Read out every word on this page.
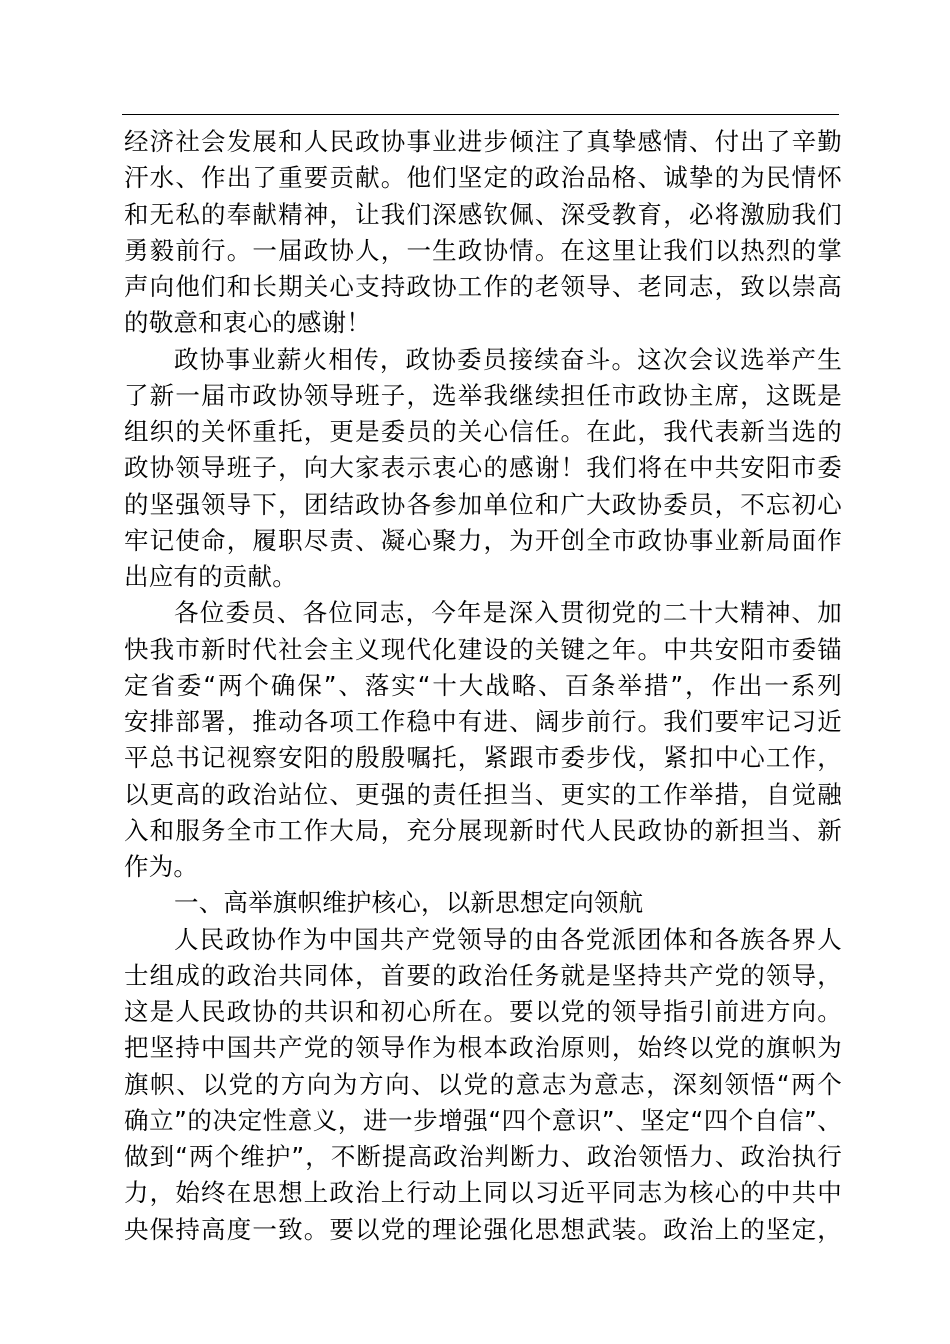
经济社会发展和人民政协事业进步倾注了真挚感情、付出了辛勤
汗水、作出了重要贡献。他们坚定的政治品格、诚挚的为民情怀
和无私的奉献精神，让我们深感钦佩、深受教育，必将激励我们
勇毅前行。一届政协人，一生政协情。在这里让我们以热烈的掌
声向他们和长期关心支持政协工作的老领导、老同志，致以崇高
的敬意和衷心的感谢！
政协事业薪火相传，政协委员接续奋斗。这次会议选举产生
了新一届市政协领导班子，选举我继续担任市政协主席，这既是
组织的关怀重托，更是委员的关心信任。在此，我代表新当选的
政协领导班子，向大家表示衷心的感谢！我们将在中共安阳市委
的坚强领导下，团结政协各参加单位和广大政协委员，不忘初心
牢记使命，履职尽责、凝心聚力，为开创全市政协事业新局面作
出应有的贡献。
各位委员、各位同志，今年是深入贯彻党的二十大精神、加
快我市新时代社会主义现代化建设的关键之年。中共安阳市委锚
定省委“两个确保”、落实“十大战略、百条举措”，作出一系列
安排部署，推动各项工作稳中有进、阔步前行。我们要牢记习近
平总书记视察安阳的殷殷嘱托，紧跟市委步伐，紧扣中心工作，
以更高的政治站位、更强的责任担当、更实的工作举措，自觉融
入和服务全市工作大局，充分展现新时代人民政协的新担当、新
作为。
一、高举旗帜维护核心，以新思想定向领航
人民政协作为中国共产党领导的由各党派团体和各族各界人
士组成的政治共同体，首要的政治任务就是坚持共产党的领导，
这是人民政协的共识和初心所在。要以党的领导指引前进方向。
把坚持中国共产党的领导作为根本政治原则，始终以党的旗帜为
旗帜、以党的方向为方向、以党的意志为意志，深刻领悟“两个
确立”的决定性意义，进一步增强“四个意识”、坚定“四个自信”、
做到“两个维护”，不断提高政治判断力、政治领悟力、政治执行
力，始终在思想上政治上行动上同以习近平同志为核心的中共中
央保持高度一致。要以党的理论强化思想武装。政治上的坚定，
